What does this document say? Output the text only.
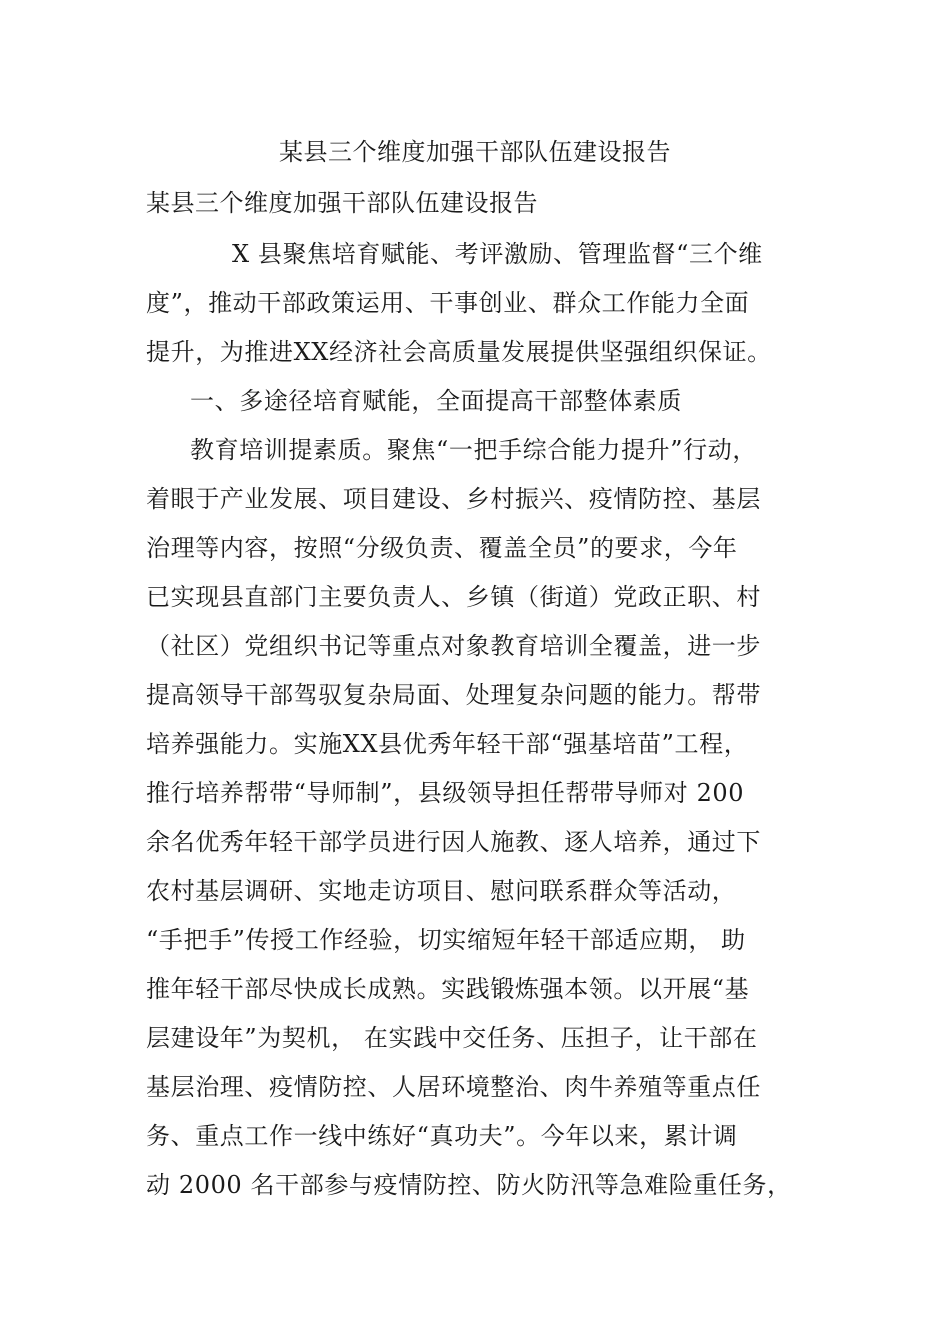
某县三个维度加强干部队伍建设报告
某县三个维度加强干部队伍建设报告
X 县聚焦培育赋能、考评激励、管理监督“三个维
度”，推动干部政策运用、干事创业、群众工作能力全面
提升，为推进XX经济社会高质量发展提供坚强组织保证。
一、多途径培育赋能，全面提高干部整体素质
教育培训提素质。聚焦“一把手综合能力提升”行动，
着眼于产业发展、项目建设、乡村振兴、疫情防控、基层
治理等内容，按照“分级负责、覆盖全员”的要求，今年
已实现县直部门主要负责人、乡镇（街道）党政正职、村
（社区）党组织书记等重点对象教育培训全覆盖，进一步
提高领导干部驾驭复杂局面、处理复杂问题的能力。帮带
培养强能力。实施XX县优秀年轻干部“强基培苗”工程，
推行培养帮带“导师制”，县级领导担任帮带导师对 200
余名优秀年轻干部学员进行因人施教、逐人培养，通过下
农村基层调研、实地走访项目、慰问联系群众等活动，
“手把手”传授工作经验，切实缩短年轻干部适应期， 助
推年轻干部尽快成长成熟。实践锻炼强本领。以开展“基
层建设年”为契机， 在实践中交任务、压担子，让干部在
基层治理、疫情防控、人居环境整治、肉牛养殖等重点任
务、重点工作一线中练好“真功夫”。今年以来，累计调
动 2000 名干部参与疫情防控、防火防汛等急难险重任务，
